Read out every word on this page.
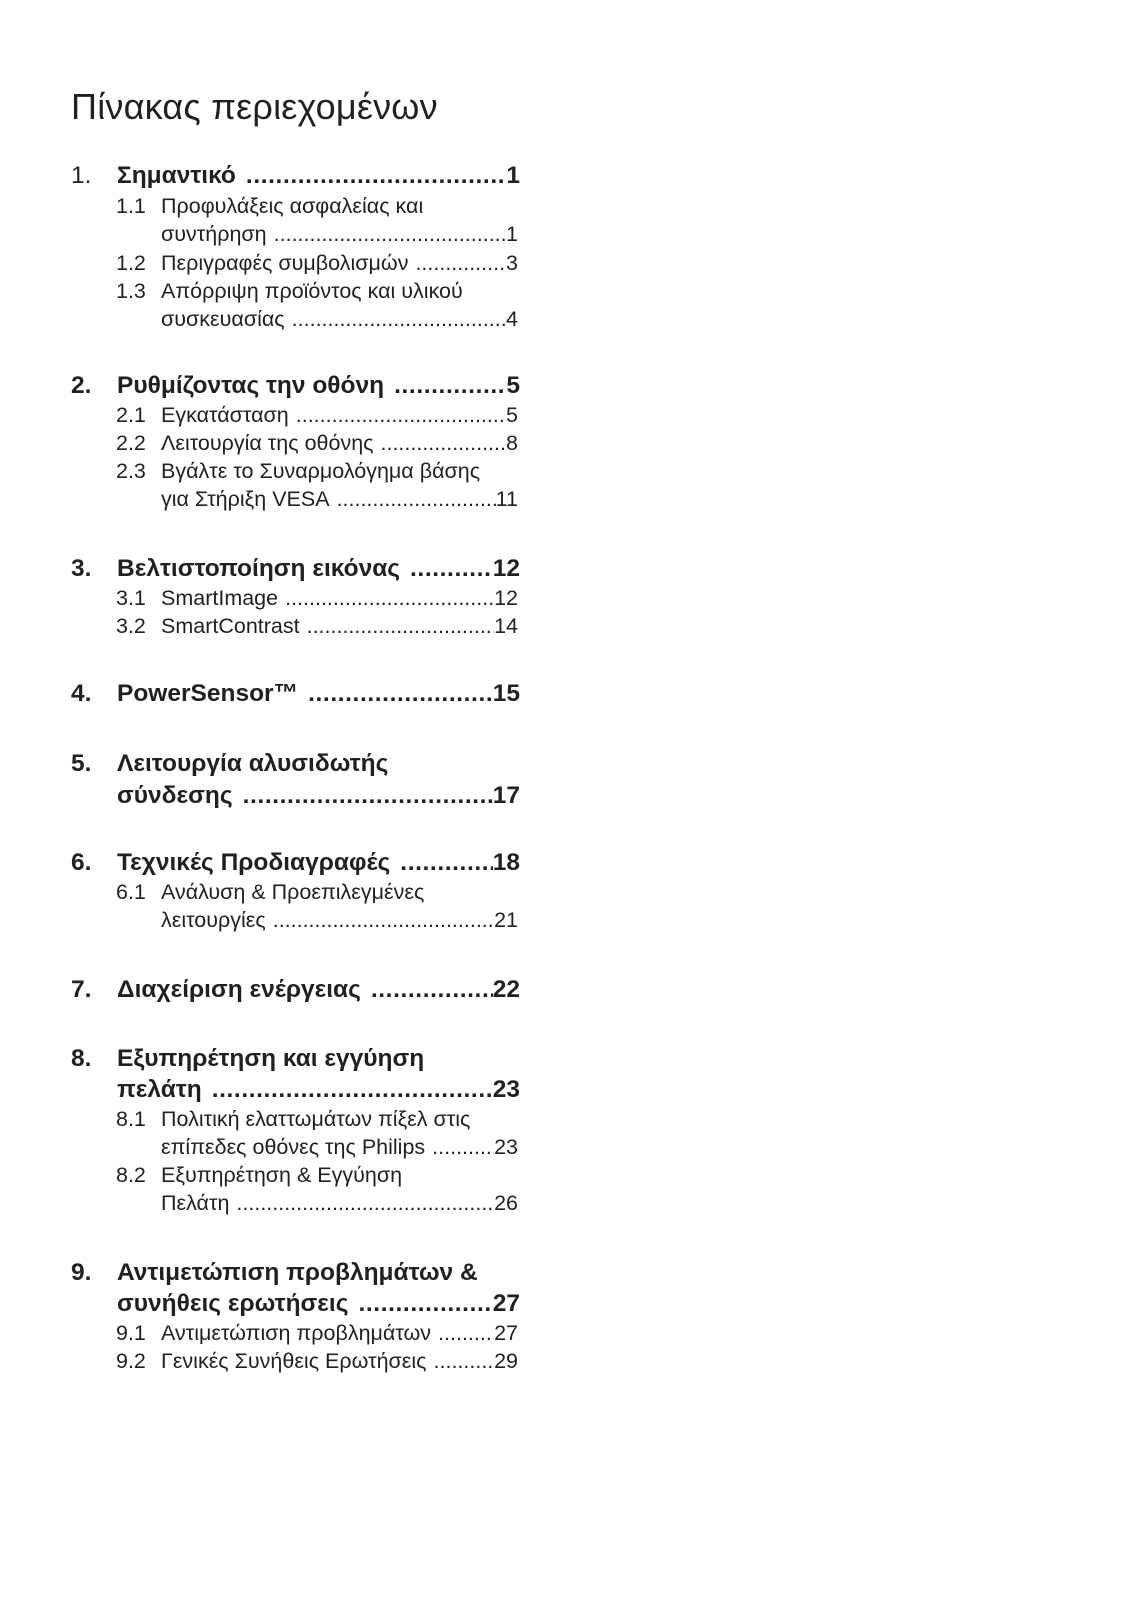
Πίνακας περιεχομένων
1. Σημαντικό .....	1
1.1 Προφυλάξεις ασφαλείας και
συντήρηση .....	1
1.2 Περιγραφές συμβολισμών .....	3
1.3 Απόρριψη προϊόντος και υλικού
συσκευασίας .....	4
2. Ρυθμίζοντας την οθόνη .....	5
2.1 Εγκατάσταση .....	5
2.2 Λειτουργία της οθόνης .....	8
2.3 Βγάλτε το Συναρμολόγημα βάσης
για Στήριξη VESA .....	11
3. Βελτιστοποίηση εικόνας .....	12
3.1 SmartImage .....	12
3.2 SmartContrast .....	14
4. PowerSensor™ .....	15
5. Λειτουργία αλυσιδωτής
σύνδεσης .....	17
6. Τεχνικές Προδιαγραφές .....	18
6.1 Ανάλυση & Προεπιλεγμένες
λειτουργίες .....	21
7. Διαχείριση ενέργειας .....	22
8. Εξυπηρέτηση και εγγύηση
πελάτη .....	23
8.1 Πολιτική ελαττωμάτων πίξελ στις
επίπεδες οθόνες της Philips .....	23
8.2 Εξυπηρέτηση & Εγγύηση
Πελάτη .....	26
9. Αντιμετώπιση προβλημάτων &
συνήθεις ερωτήσεις .....	27
9.1 Αντιμετώπιση προβλημάτων .....	27
9.2 Γενικές Συνήθεις Ερωτήσεις .....	29
